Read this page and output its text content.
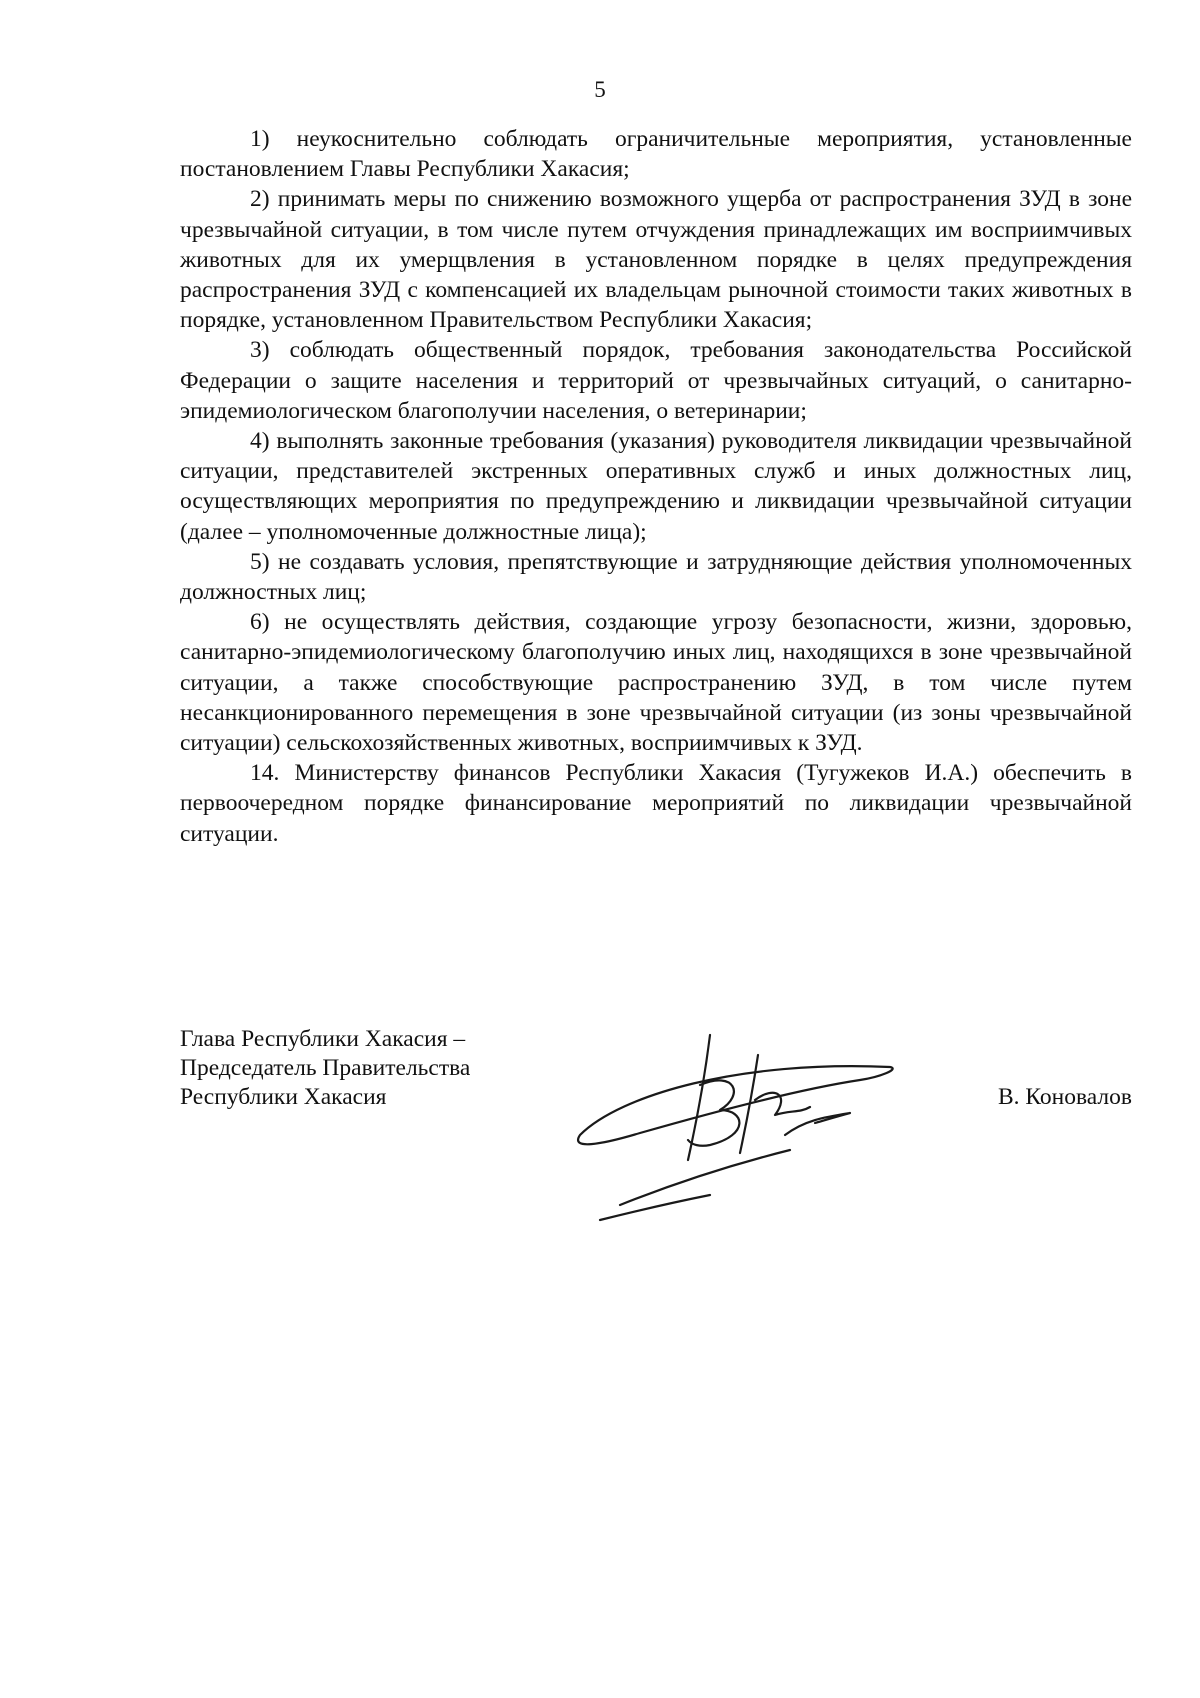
5

1) неукоснительно соблюдать ограничительные мероприятия, установленные постановлением Главы Республики Хакасия;

2) принимать меры по снижению возможного ущерба от распространения ЗУД в зоне чрезвычайной ситуации, в том числе путем отчуждения принадлежащих им восприимчивых животных для их умерщвления в установленном порядке в целях предупреждения распространения ЗУД с компенсацией их владельцам рыночной стоимости таких животных в порядке, установленном Правительством Республики Хакасия;

3) соблюдать общественный порядок, требования законодательства Российской Федерации о защите населения и территорий от чрезвычайных ситуаций, о санитарно-эпидемиологическом благополучии населения, о ветеринарии;

4) выполнять законные требования (указания) руководителя ликвидации чрезвычайной ситуации, представителей экстренных оперативных служб и иных должностных лиц, осуществляющих мероприятия по предупреждению и ликвидации чрезвычайной ситуации (далее – уполномоченные должностные лица);

5) не создавать условия, препятствующие и затрудняющие действия уполномоченных должностных лиц;

6) не осуществлять действия, создающие угрозу безопасности, жизни, здоровью, санитарно-эпидемиологическому благополучию иных лиц, находящихся в зоне чрезвычайной ситуации, а также способствующие распространению ЗУД, в том числе путем несанкционированного перемещения в зоне чрезвычайной ситуации (из зоны чрезвычайной ситуации) сельскохозяйственных животных, восприимчивых к ЗУД.

14. Министерству финансов Республики Хакасия (Тугужеков И.А.) обеспечить в первоочередном порядке финансирование мероприятий по ликвидации чрезвычайной ситуации.

Глава Республики Хакасия –
Председатель Правительства
Республики Хакасия	В. Коновалов
